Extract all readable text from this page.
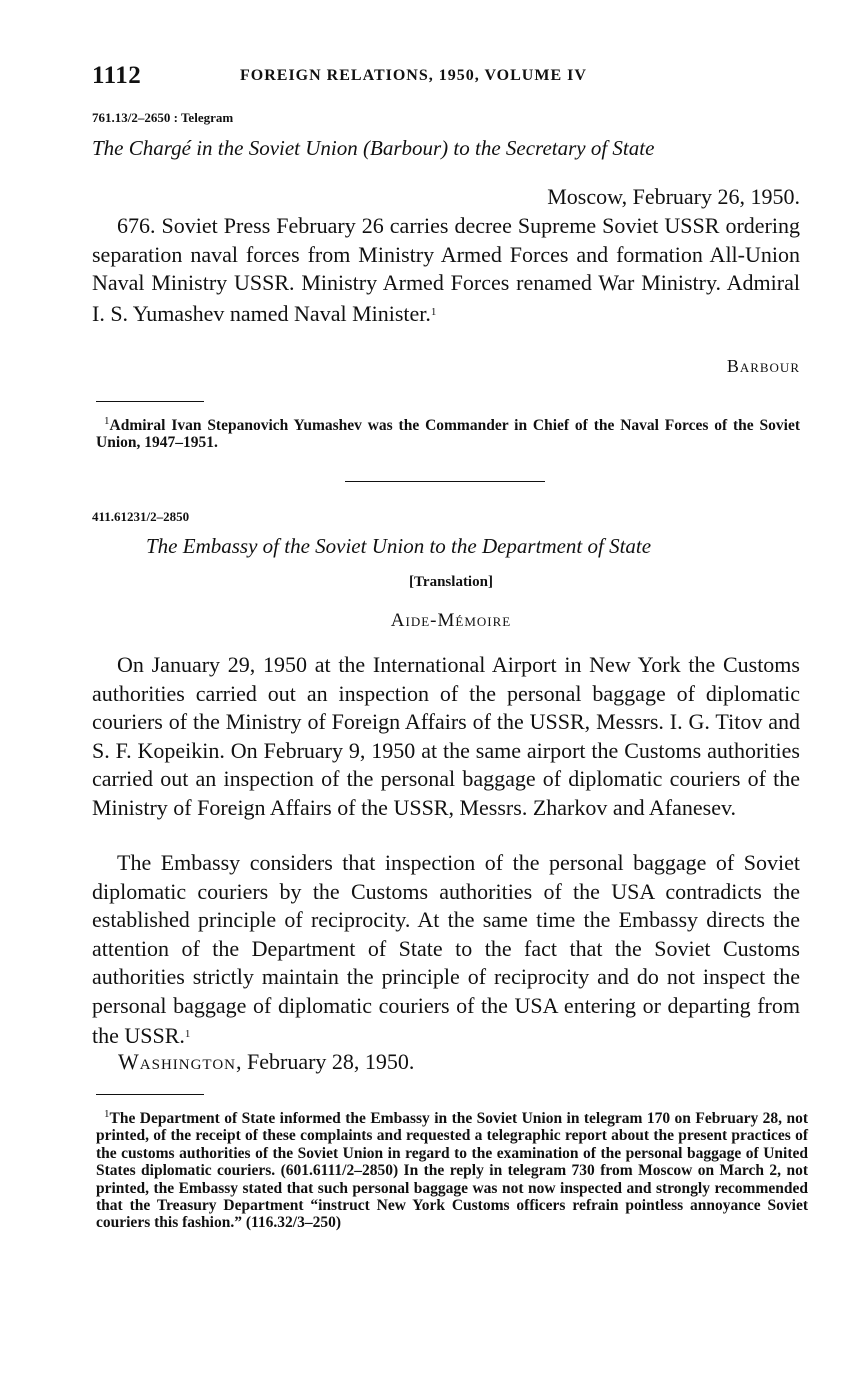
1112	FOREIGN RELATIONS, 1950, VOLUME IV
761.13/2–2650 : Telegram
The Chargé in the Soviet Union (Barbour) to the Secretary of State
Moscow, February 26, 1950.

676. Soviet Press February 26 carries decree Supreme Soviet USSR ordering separation naval forces from Ministry Armed Forces and formation All-Union Naval Ministry USSR. Ministry Armed Forces renamed War Ministry. Admiral I. S. Yumashev named Naval Minister.$^1$

Barbour

$^1$Admiral Ivan Stepanovich Yumashev was the Commander in Chief of the Naval Forces of the Soviet Union, 1947–1951.

411.61231/2–2850
The Embassy of the Soviet Union to the Department of State
[Translation]
Aide-Mémoire

On January 29, 1950 at the International Airport in New York the Customs authorities carried out an inspection of the personal baggage of diplomatic couriers of the Ministry of Foreign Affairs of the USSR, Messrs. I. G. Titov and S. F. Kopeikin. On February 9, 1950 at the same airport the Customs authorities carried out an inspection of the personal baggage of diplomatic couriers of the Ministry of Foreign Affairs of the USSR, Messrs. Zharkov and Afanesev.

The Embassy considers that inspection of the personal baggage of Soviet diplomatic couriers by the Customs authorities of the USA contradicts the established principle of reciprocity. At the same time the Embassy directs the attention of the Department of State to the fact that the Soviet Customs authorities strictly maintain the principle of reciprocity and do not inspect the personal baggage of diplomatic couriers of the USA entering or departing from the USSR.$^1$

Washington, February 28, 1950.

$^1$The Department of State informed the Embassy in the Soviet Union in telegram 170 on February 28, not printed, of the receipt of these complaints and requested a telegraphic report about the present practices of the customs authorities of the Soviet Union in regard to the examination of the personal baggage of United States diplomatic couriers. (601.6111/2–2850) In the reply in telegram 730 from Moscow on March 2, not printed, the Embassy stated that such personal baggage was not now inspected and strongly recommended that the Treasury Department “instruct New York Customs officers refrain pointless annoyance Soviet couriers this fashion.” (116.32/3–250)
